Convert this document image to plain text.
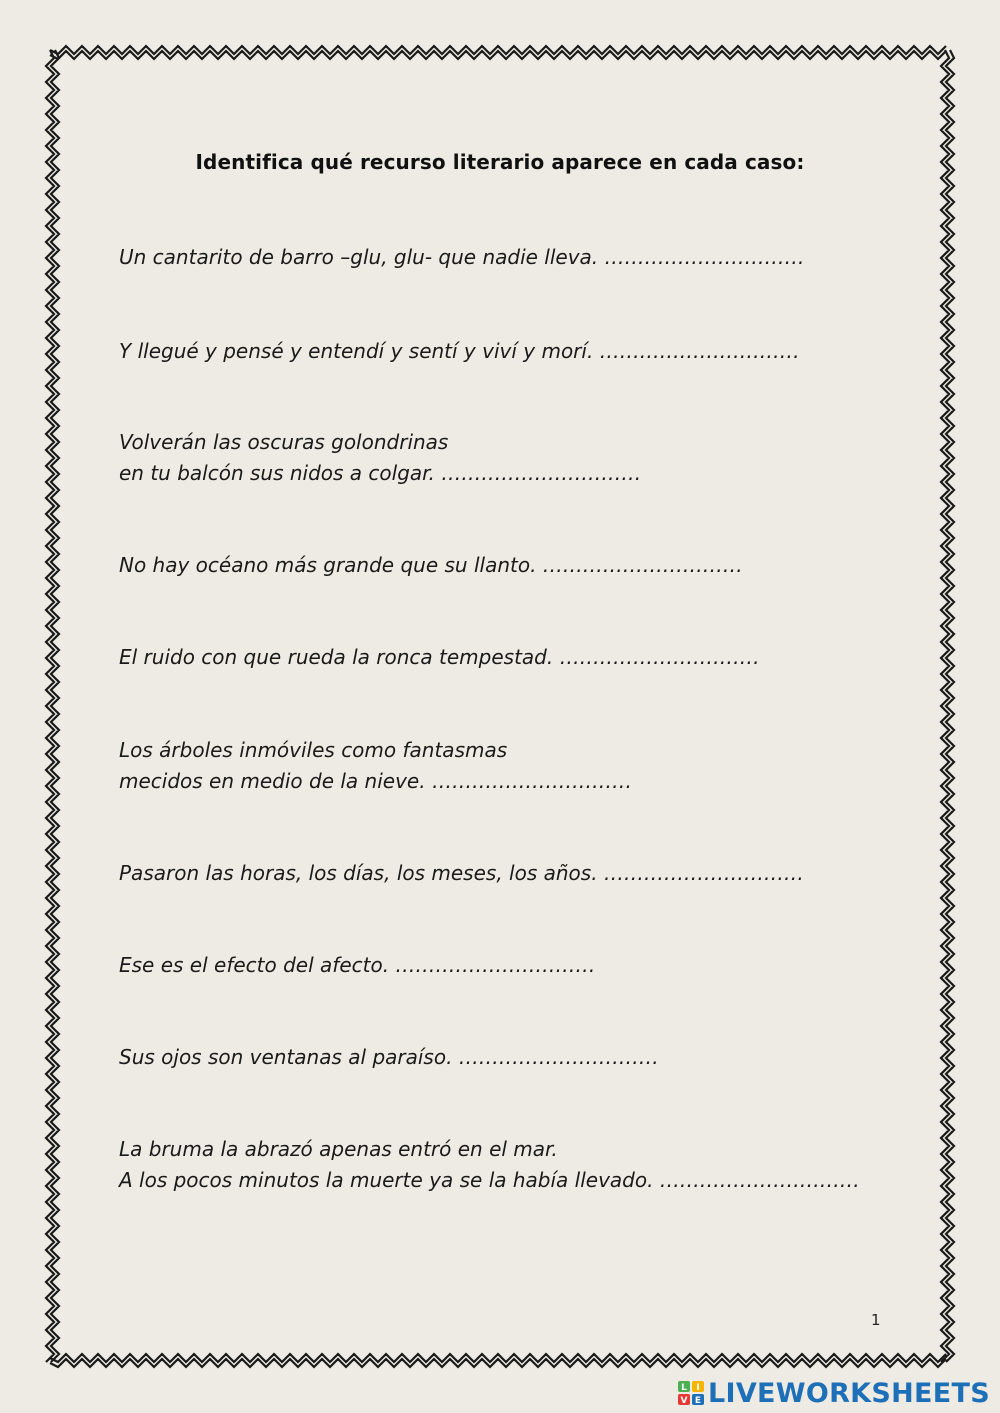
Identifica qué recurso literario aparece en cada caso:
Un cantarito de barro –glu, glu- que nadie lleva. …………………………
Y llegué y pensé y entendí y sentí y viví y morí. …………………………
Volverán las oscuras golondrinas
en tu balcón sus nidos a colgar. …………………………
No hay océano más grande que su llanto. …………………………
El ruido con que rueda la ronca tempestad. …………………………
Los árboles inmóviles como fantasmas
mecidos en medio de la nieve. …………………………
Pasaron las horas, los días, los meses, los años. …………………………
Ese es el efecto del afecto. …………………………
Sus ojos son ventanas al paraíso. …………………………
La bruma la abrazó apenas entró en el mar.
A los pocos minutos la muerte ya se la había llevado. …………………………
1
L I
V E LIVEWORKSHEETS
